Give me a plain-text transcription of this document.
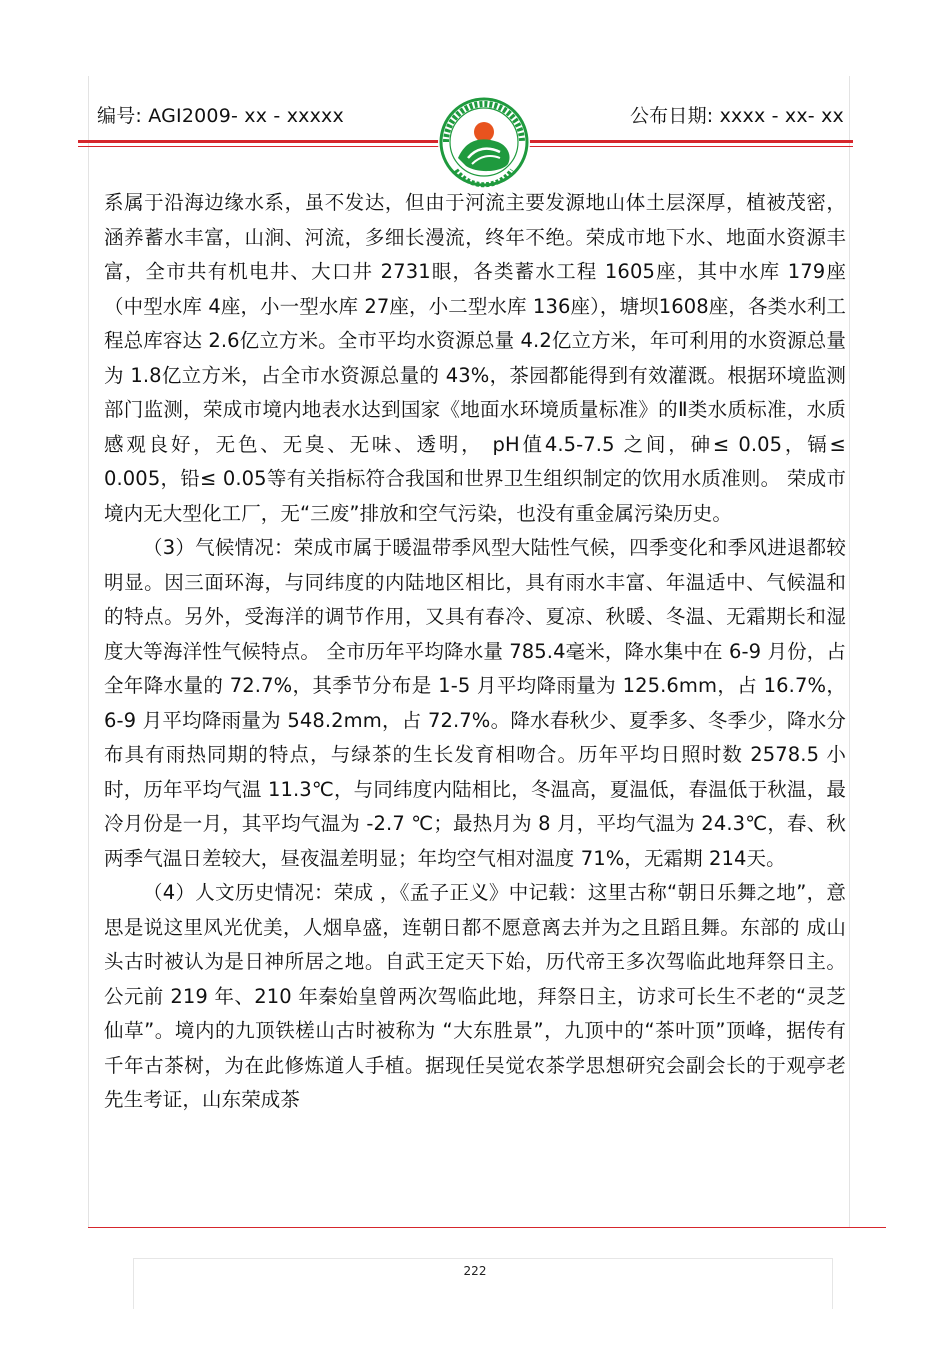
编号: AGI2009- xx - xxxxx	公布日期: xxxx - xx- xx

系属于沿海边缘水系，虽不发达，但由于河流主要发源地山体土层深厚，植被茂密，涵养蓄水丰富，山涧、河流，多细长漫流，终年不绝。荣成市地下水、地面水资源丰富，全市共有机电井、大口井 2731眼，各类蓄水工程 1605座，其中水库 179座（中型水库 4座，小一型水库 27座，小二型水库 136座），塘坝1608座，各类水利工程总库容达 2.6亿立方米。全市平均水资源总量 4.2亿立方米，年可利用的水资源总量为 1.8亿立方米，占全市水资源总量的 43%，茶园都能得到有效灌溉。根据环境监测部门监测，荣成市境内地表水达到国家《地面水环境质量标准》的Ⅱ类水质标准，水质感观良好，无色、无臭、无味、透明， pH值4.5-7.5 之间，砷≤ 0.05，镉≤ 0.005，铅≤ 0.05等有关指标符合我国和世界卫生组织制定的饮用水质准则。 荣成市境内无大型化工厂，无“三废”排放和空气污染，也没有重金属污染历史。

（3）气候情况：荣成市属于暖温带季风型大陆性气候，四季变化和季风进退都较明显。因三面环海，与同纬度的内陆地区相比，具有雨水丰富、年温适中、气候温和的特点。另外，受海洋的调节作用，又具有春冷、夏凉、秋暖、冬温、无霜期长和湿度大等海洋性气候特点。 全市历年平均降水量 785.4毫米，降水集中在 6-9 月份，占全年降水量的 72.7%，其季节分布是 1-5 月平均降雨量为 125.6mm，占 16.7%，6-9 月平均降雨量为 548.2mm，占 72.7%。降水春秋少、夏季多、冬季少，降水分布具有雨热同期的特点，与绿茶的生长发育相吻合。历年平均日照时数 2578.5 小时，历年平均气温 11.3℃，与同纬度内陆相比，冬温高，夏温低，春温低于秋温，最冷月份是一月，其平均气温为 -2.7 ℃；最热月为 8 月，平均气温为 24.3℃，春、秋两季气温日差较大，昼夜温差明显；年均空气相对温度 71%，无霜期 214天。

（4）人文历史情况：荣成 ，《孟子正义》中记载：这里古称“朝日乐舞之地”，意思是说这里风光优美，人烟阜盛，连朝日都不愿意离去并为之且蹈且舞。东部的 成山头古时被认为是日神所居之地。自武王定天下始，历代帝王多次驾临此地拜祭日主。公元前 219 年、210 年秦始皇曾两次驾临此地，拜祭日主，访求可长生不老的“灵芝仙草”。境内的九顶铁槎山古时被称为 “大东胜景”，九顶中的“茶叶顶”顶峰，据传有千年古茶树，为在此修炼道人手植。据现任吴觉农茶学思想研究会副会长的于观亭老先生考证，山东荣成茶

222
